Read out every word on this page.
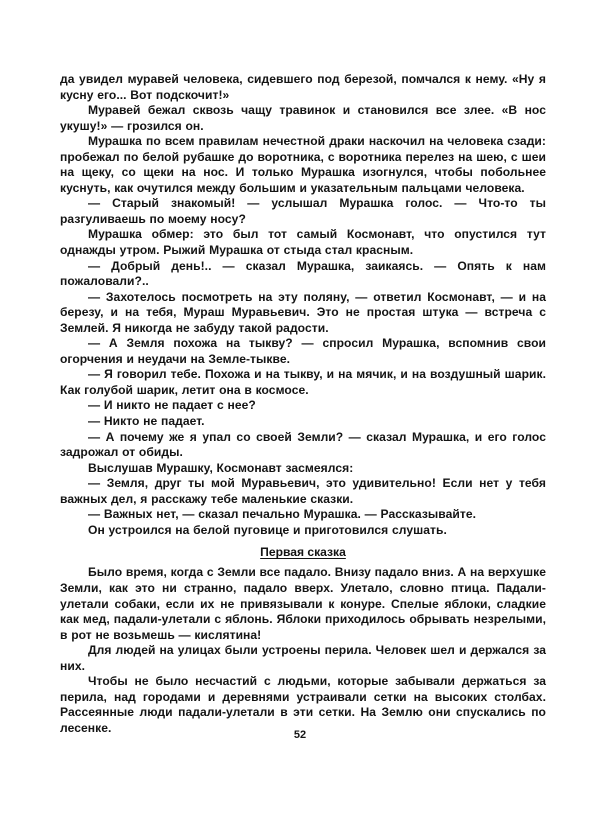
да увидел муравей человека, сидевшего под березой, помчался к нему. «Ну я кусну его... Вот подскочит!»

Муравей бежал сквозь чащу травинок и становился все злее. «В нос укушу!» — грозился он.

Мурашка по всем правилам нечестной драки наскочил на человека сзади: пробежал по белой рубашке до воротника, с воротника перелез на шею, с шеи на щеку, со щеки на нос. И только Мурашка изогнулся, чтобы побольнее куснуть, как очутился между большим и указательным пальцами человека.

— Старый знакомый! — услышал Мурашка голос. — Что-то ты разгуливаешь по моему носу?

Мурашка обмер: это был тот самый Космонавт, что опустился тут однажды утром. Рыжий Мурашка от стыда стал красным.

— Добрый день!.. — сказал Мурашка, заикаясь. — Опять к нам пожаловали?..

— Захотелось посмотреть на эту поляну, — ответил Космонавт, — и на березу, и на тебя, Мураш Муравьевич. Это не простая штука — встреча с Землей. Я никогда не забуду такой радости.

— А Земля похожа на тыкву? — спросил Мурашка, вспомнив свои огорчения и неудачи на Земле-тыкве.

— Я говорил тебе. Похожа и на тыкву, и на мячик, и на воздушный шарик. Как голубой шарик, летит она в космосе.

— И никто не падает с нее?

— Никто не падает.

— А почему же я упал со своей Земли? — сказал Мурашка, и его голос задрожал от обиды.

Выслушав Мурашку, Космонавт засмеялся:

— Земля, друг ты мой Муравьевич, это удивительно! Если нет у тебя важных дел, я расскажу тебе маленькие сказки.

— Важных нет, — сказал печально Мурашка. — Рассказывайте.

Он устроился на белой пуговице и приготовился слушать.

Первая сказка

Было время, когда с Земли все падало. Внизу падало вниз. А на верхушке Земли, как это ни странно, падало вверх. Улетало, словно птица. Падали-улетали собаки, если их не привязывали к конуре. Спелые яблоки, сладкие как мед, падали-улетали с яблонь. Яблоки приходилось обрывать незрелыми, в рот не возьмешь — кислятина!

Для людей на улицах были устроены перила. Человек шел и держался за них.

Чтобы не было несчастий с людьми, которые забывали держаться за перила, над городами и деревнями устраивали сетки на высоких столбах. Рассеянные люди падали-улетали в эти сетки. На Землю они спускались по лесенке.

52
